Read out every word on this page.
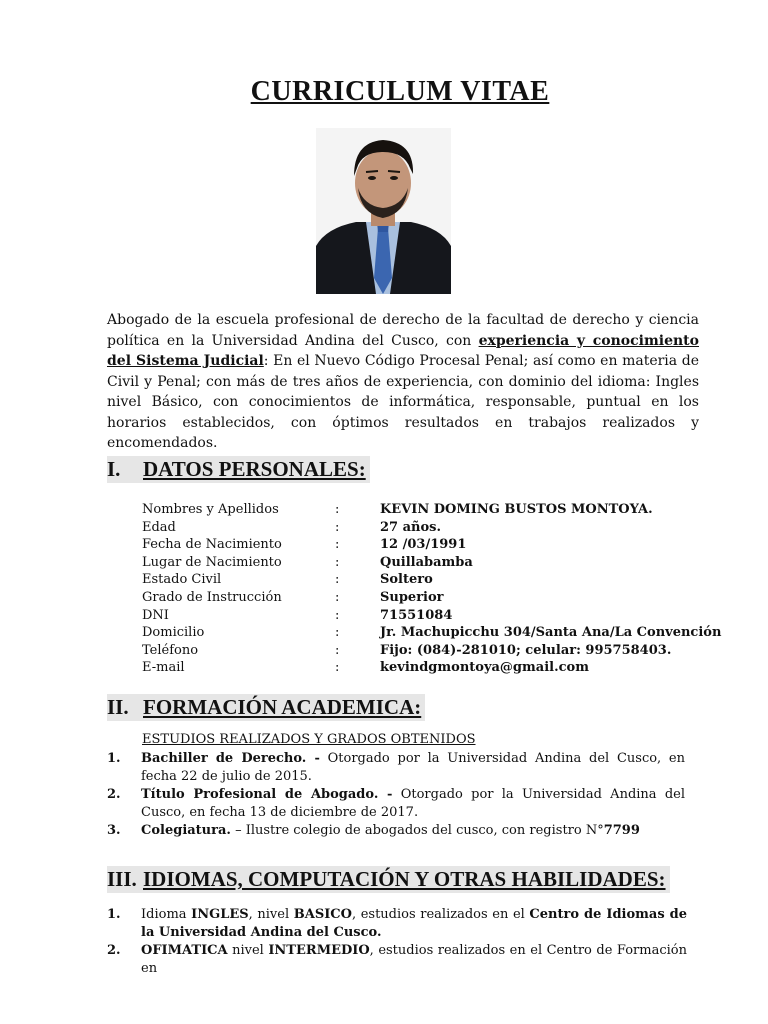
CURRICULUM VITAE
Abogado de la escuela profesional de derecho de la facultad de derecho y ciencia política en la Universidad Andina del Cusco, con experiencia y conocimiento del Sistema Judicial: En el Nuevo Código Procesal Penal; así como en materia de Civil y Penal; con más de tres años de experiencia, con dominio del idioma: Ingles nivel Básico, con conocimientos de informática, responsable, puntual en los horarios establecidos, con óptimos resultados en trabajos realizados y encomendados.
I. DATOS PERSONALES:
Nombres y Apellidos	:	KEVIN DOMING BUSTOS MONTOYA.
Edad	:	27 años.
Fecha de Nacimiento	:	12 /03/1991
Lugar de Nacimiento	:	Quillabamba
Estado Civil	:	Soltero
Grado de Instrucción	:	Superior
DNI	:	71551084
Domicilio	:	Jr. Machupicchu 304/Santa Ana/La Convención
Teléfono	:	Fijo: (084)-281010; celular: 995758403.
E-mail	:	kevindgmontoya@gmail.com
II. FORMACIÓN ACADEMICA:
ESTUDIOS REALIZADOS Y GRADOS OBTENIDOS
1. Bachiller de Derecho. - Otorgado por la Universidad Andina del Cusco, en fecha 22 de julio de 2015.
2. Título Profesional de Abogado. - Otorgado por la Universidad Andina del Cusco, en fecha 13 de diciembre de 2017.
3. Colegiatura. – Ilustre colegio de abogados del cusco, con registro N°7799
III. IDIOMAS, COMPUTACIÓN Y OTRAS HABILIDADES:
1. Idioma INGLES, nivel BASICO, estudios realizados en el Centro de Idiomas de la Universidad Andina del Cusco.
2. OFIMATICA nivel INTERMEDIO, estudios realizados en el Centro de Formación en
